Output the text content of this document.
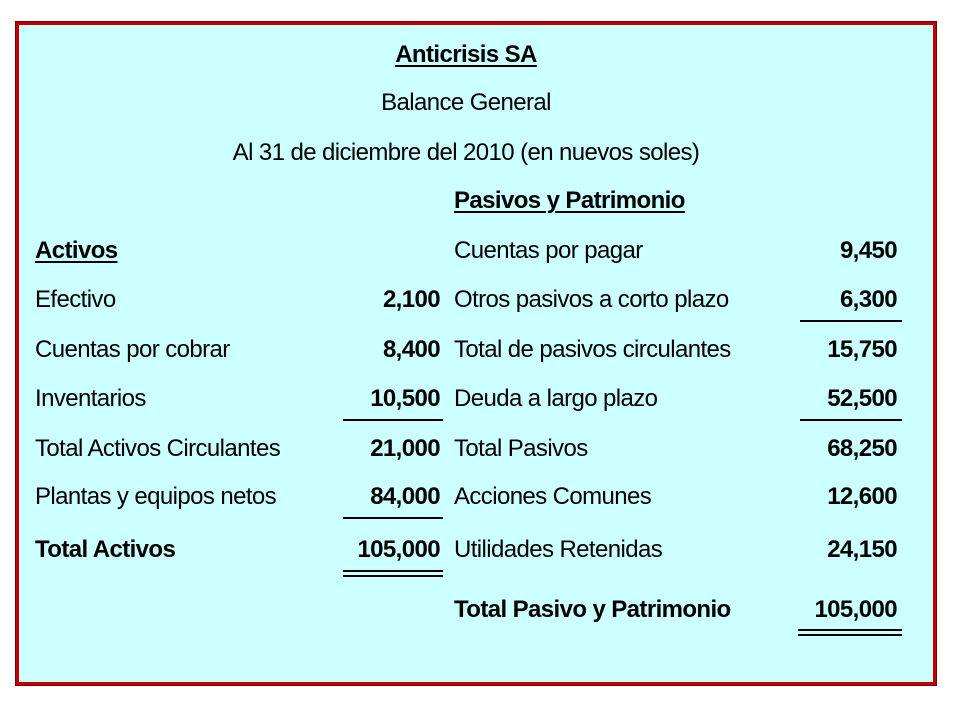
Anticrisis SA
Balance General
Al 31 de diciembre del 2010 (en nuevos soles)
Activos
Efectivo	2,100
Cuentas por cobrar	8,400
Inventarios	10,500
Total Activos Circulantes	21,000
Plantas y equipos netos	84,000
Total Activos	105,000
Pasivos y Patrimonio
Cuentas por pagar	9,450
Otros pasivos a corto plazo	6,300
Total de pasivos circulantes	15,750
Deuda a largo plazo	52,500
Total Pasivos	68,250
Acciones Comunes	12,600
Utilidades Retenidas	24,150
Total Pasivo y Patrimonio	105,000
